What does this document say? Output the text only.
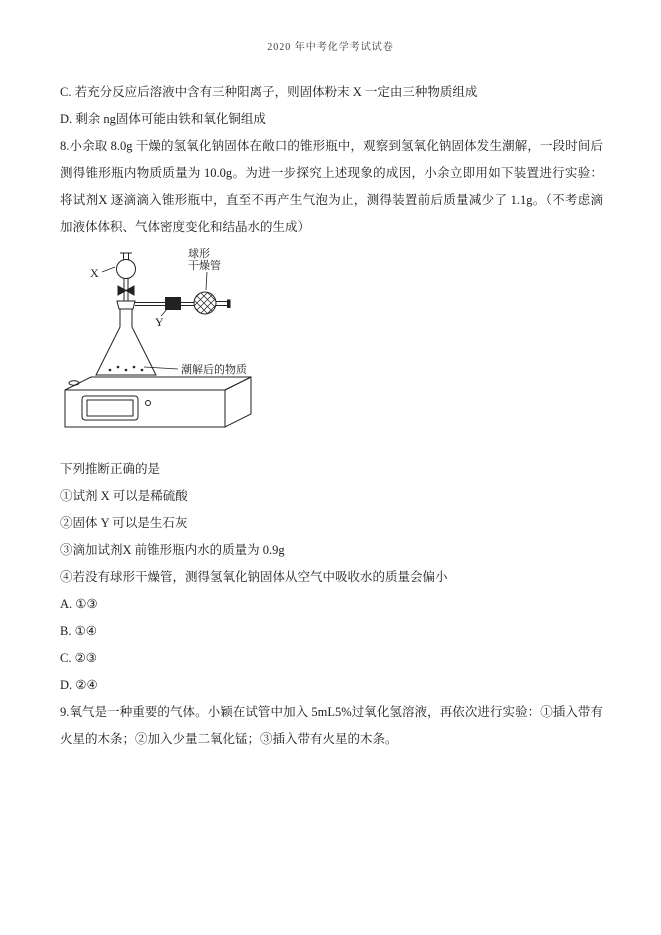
2020 年中考化学考试试卷

C. 若充分反应后溶液中含有三种阳离子，则固体粉末 X 一定由三种物质组成

D. 剩余 ng固体可能由铁和氧化铜组成

8.小余取 8.0g 干燥的氢氧化钠固体在敞口的锥形瓶中，观察到氢氧化钠固体发生潮解，一段时间后测得锥形瓶内物质质量为 10.0g。为进一步探究上述现象的成因，小余立即用如下装置进行实验：将试剂X 逐滴滴入锥形瓶中，直至不再产生气泡为止，测得装置前后质量减少了 1.1g。（不考虑滴加液体体积、气体密度变化和结晶水的生成）

X
球形
干燥管
Y
潮解后的物质

下列推断正确的是

①试剂 X 可以是稀硫酸

②固体 Y 可以是生石灰

③滴加试剂X 前锥形瓶内水的质量为 0.9g

④若没有球形干燥管，测得氢氧化钠固体从空气中吸收水的质量会偏小

A. ①③

B. ①④

C. ②③

D. ②④

9.氧气是一种重要的气体。小颖在试管中加入 5mL5%过氧化氢溶液，再依次进行实验：①插入带有火星的木条；②加入少量二氧化锰；③插入带有火星的木条。
